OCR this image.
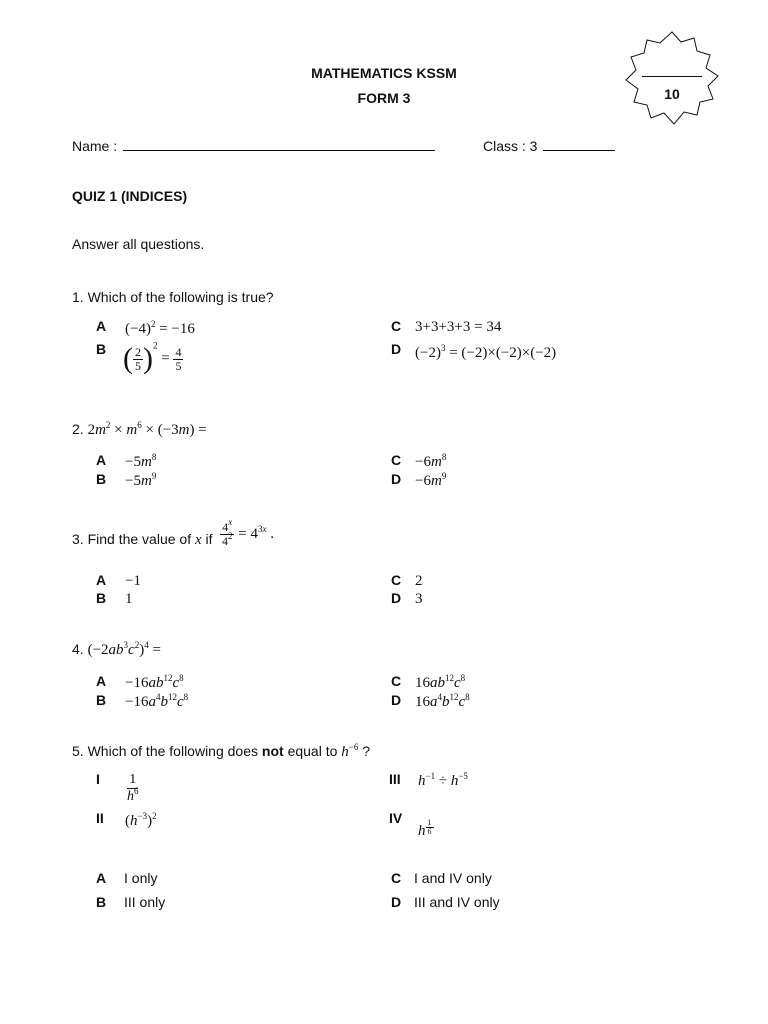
MATHEMATICS KSSM
FORM 3	10
Name :	Class : 3
QUIZ 1 (INDICES)
Answer all questions.
1. Which of the following is true?
A $(-4)^2 = -16$
B ( $\frac{2}{5} )^2 = \frac{4}{5}$
C 3+3+3+3 = 34
D $(-2)^3 = (-2)\times(-2)\times(-2)$
2. $2m^2 \times m^6 \times (-3m)$ =
$A -5m^8$
$B -5m^9$
$C -6m^8$
$D -6m^9$
3. Find the value of x if $\frac{4^x}{4^2} = 4^{3x}$ .
A −1
B 1
C 2
D 3
4. $(-2ab^3c^2)^4$ =
$A -16ab^{12}c^8$
$B -16a^4b^{12}c^8$
C $16ab^{12}c^8$
D $16a^4b^{12}c^8$
5. Which of the following does not equal to $h^{-6}$ ?
I $\frac{1}{h^6}$
II $(h^{-3})^2$
III $h^{-1} \div h^{-5}$
IV
h $\frac{1}{6}$
A I only
B III only
C I and IV only
D III and IV only
